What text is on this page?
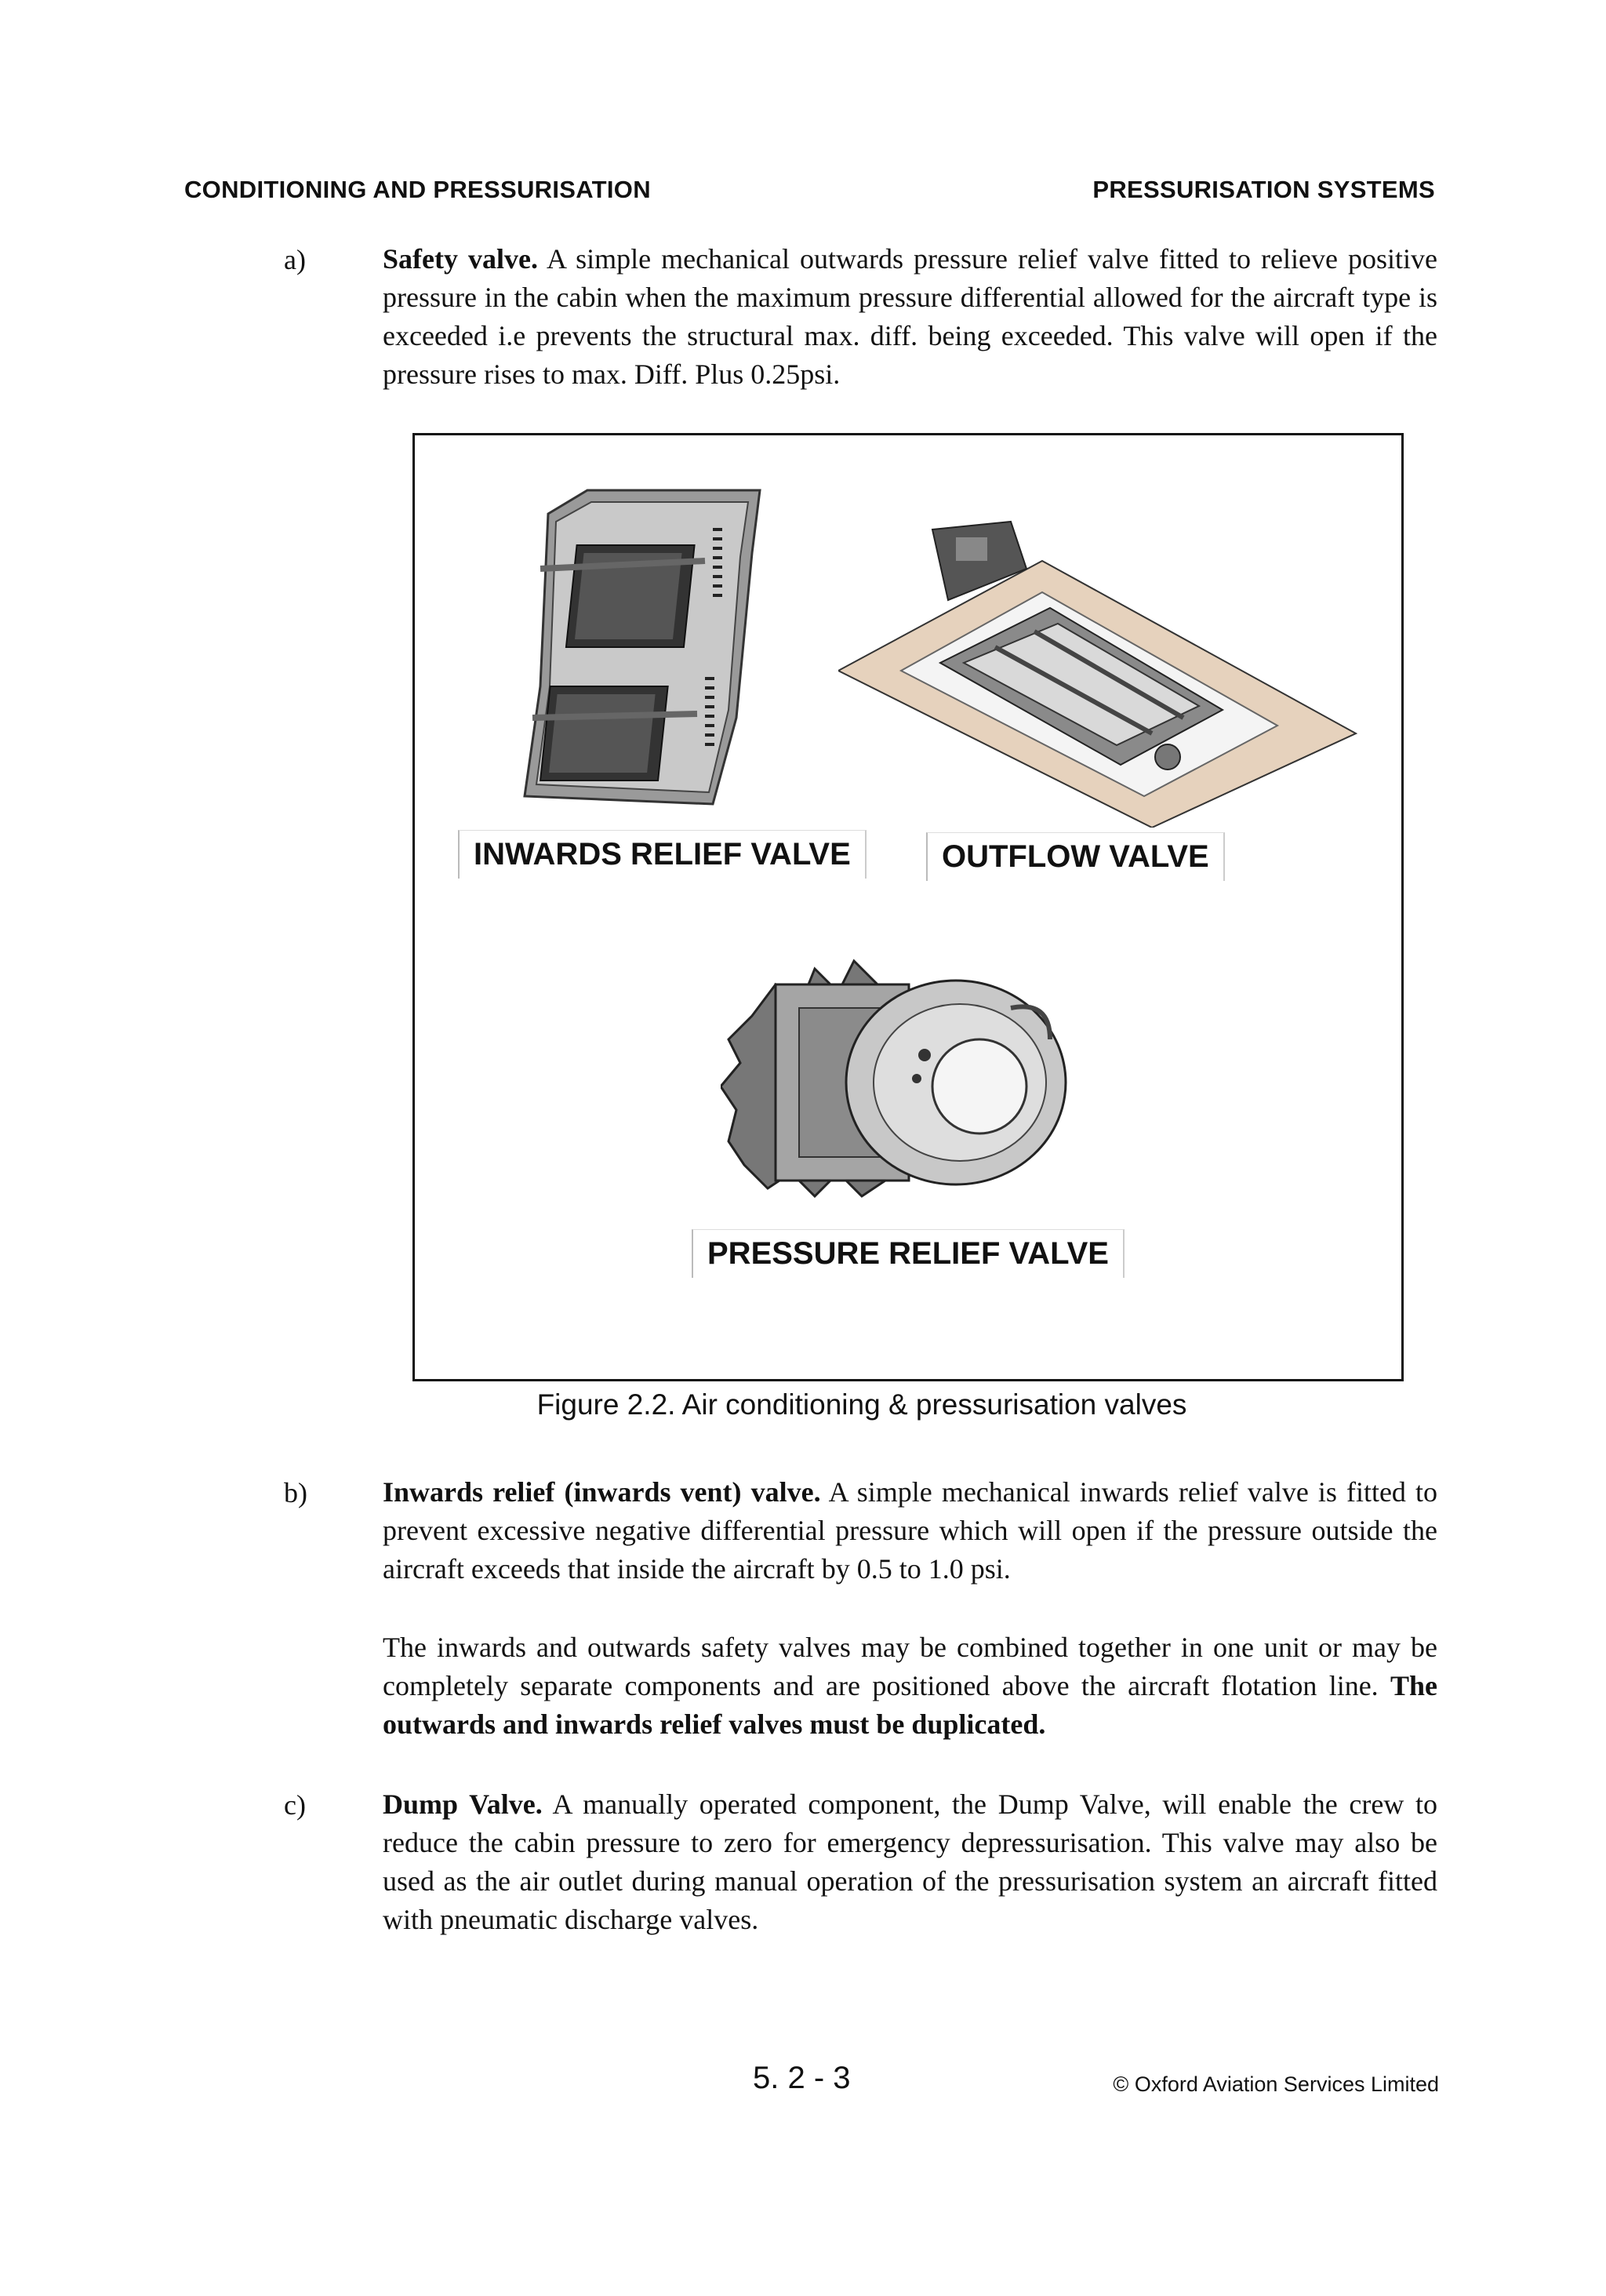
CONDITIONING AND PRESSURISATION	PRESSURISATION SYSTEMS
a)	Safety valve. A simple mechanical outwards pressure relief valve fitted to relieve positive pressure in the cabin when the maximum pressure differential allowed for the aircraft type is exceeded i.e prevents the structural max. diff. being exceeded. This valve will open if the pressure rises to max. Diff. Plus 0.25psi.
INWARDS RELIEF VALVE	OUTFLOW VALVE
PRESSURE RELIEF VALVE
Figure 2.2. Air conditioning & pressurisation valves
b)	Inwards relief (inwards vent) valve. A simple mechanical inwards relief valve is fitted to prevent excessive negative differential pressure which will open if the pressure outside the aircraft exceeds that inside the aircraft by 0.5 to 1.0 psi.
The inwards and outwards safety valves may be combined together in one unit or may be completely separate components and are positioned above the aircraft flotation line. The outwards and inwards relief valves must be duplicated.
c)	Dump Valve. A manually operated component, the Dump Valve, will enable the crew to reduce the cabin pressure to zero for emergency depressurisation. This valve may also be used as the air outlet during manual operation of the pressurisation system an aircraft fitted with pneumatic discharge valves.
5. 2 - 3	© Oxford Aviation Services Limited
